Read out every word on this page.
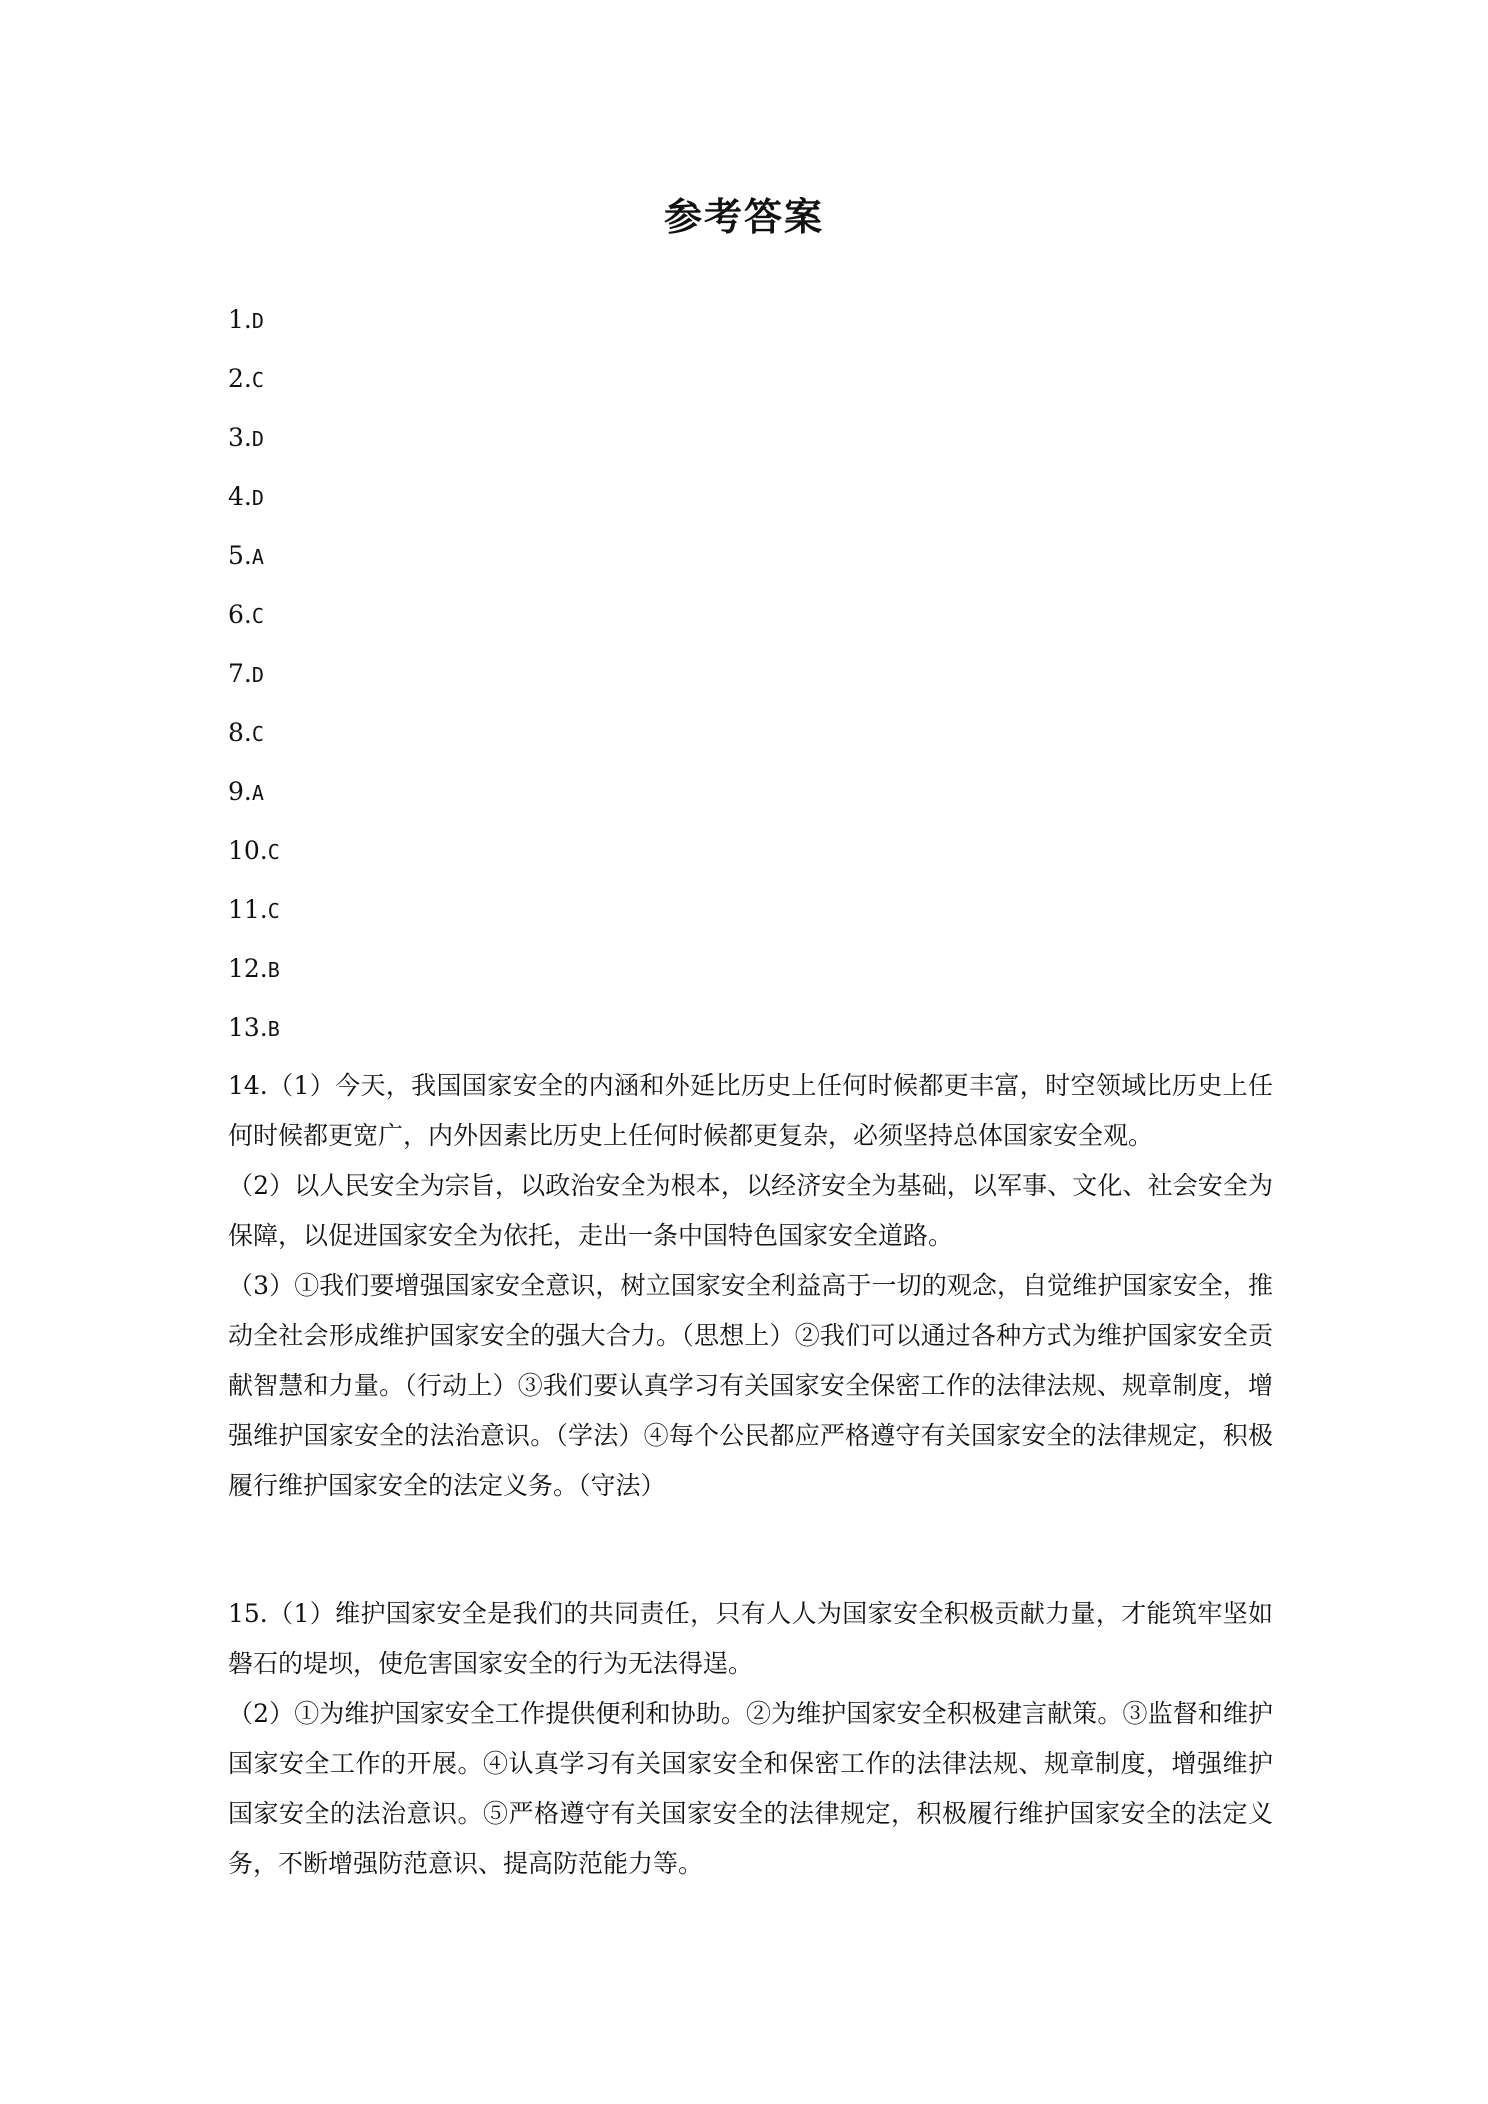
参考答案
1.D
2.C
3.D
4.D
5.A
6.C
7.D
8.C
9.A
10.C
11.C
12.B
13.B

14.（1）今天，我国国家安全的内涵和外延比历史上任何时候都更丰富，时空领域比历史上任何时候都更宽广，内外因素比历史上任何时候都更复杂，必须坚持总体国家安全观。

（2）以人民安全为宗旨，以政治安全为根本，以经济安全为基础，以军事、文化、社会安全为保障，以促进国家安全为依托，走出一条中国特色国家安全道路。

（3）①我们要增强国家安全意识，树立国家安全利益高于一切的观念，自觉维护国家安全，推动全社会形成维护国家安全的强大合力。（思想上）②我们可以通过各种方式为维护国家安全贡献智慧和力量。（行动上）③我们要认真学习有关国家安全保密工作的法律法规、规章制度，增强维护国家安全的法治意识。（学法）④每个公民都应严格遵守有关国家安全的法律规定，积极履行维护国家安全的法定义务。（守法）

15.（1）维护国家安全是我们的共同责任，只有人人为国家安全积极贡献力量，才能筑牢坚如磐石的堤坝，使危害国家安全的行为无法得逞。

（2）①为维护国家安全工作提供便利和协助。②为维护国家安全积极建言献策。③监督和维护国家安全工作的开展。④认真学习有关国家安全和保密工作的法律法规、规章制度，增强维护国家安全的法治意识。⑤严格遵守有关国家安全的法律规定，积极履行维护国家安全的法定义务，不断增强防范意识、提高防范能力等。
